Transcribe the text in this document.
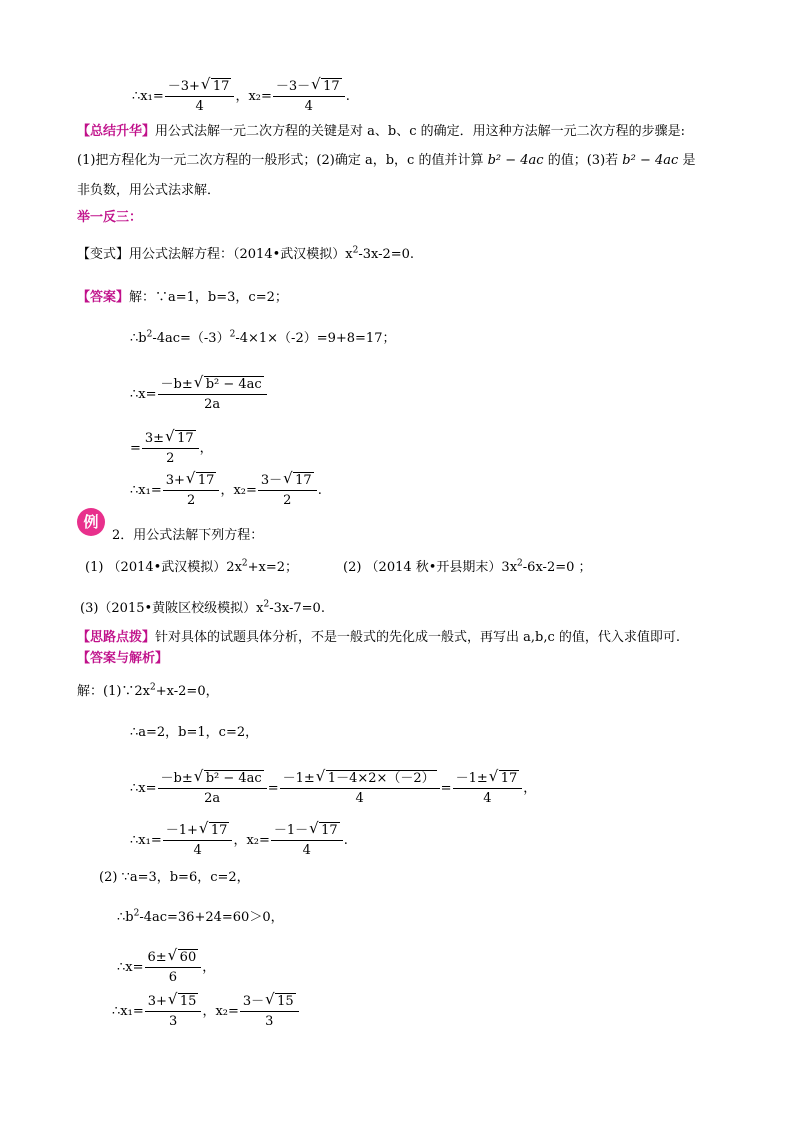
∴x₁= $\frac{-3+ √ 17}{4}$ ，$x_2= \frac{-3- √ 17}{4}$ .
【总结升华】用公式法解一元二次方程的关键是对 a、b、c 的确定．用这种方法解一元二次方程的步骤是:
(1)把方程化为一元二次方程的一般形式；(2)确定 a，b，c 的值并计算 b² − 4ac 的值；(3)若 b² − 4ac 是
非负数，用公式法求解．
举一反三：
【变式】用公式法解方程：（2014•武汉模拟）$x^2-3x-2=0$.
【答案】解：∵a=1，b=3，c=2；
$\therefore b^2-4ac=(-3)^2-4\times 1\times(-2)=9+8=17$；
∴x= $\frac{\text{－b± √ b² − 4ac}}{2a}$
= $\frac{3\pm √ 17}{2}$ ，
∴x₁= $\frac{3+ √ 17}{2}$ ，$x_2= \frac{3- √ 17}{2}$ .
例
2．用公式法解下列方程：
(1) （2014•武汉模拟）$2x^2+x=2$；	(2) （2014 秋•开县期末）$3x^2-6x-2=0$ ；
(3)（2015•黄陂区校级模拟）$x^2-3x-7=0$.
【思路点拨】针对具体的试题具体分析，不是一般式的先化成一般式，再写出 a,b,c 的值，代入求值即可.
【答案与解析】
解：$(1)\because 2x^2+x-2=0$，
∴a=2，b=1，c=2，
∴x= $\frac{\text{－b± √ b² − 4ac}}{2a} = \frac{-1\pm √ 1-4\times 2\times(-2)}{4} = \frac{-1\pm √ 17}{4}$ ，
∴x₁= $\frac{-1+ √ 17}{4}$ ，$x_2= \frac{-1- √ 17}{4}$ .
(2) ∵a=3，b=6，c=2，
$\therefore b^2-4ac=36+24=60>0$，
∴x= $\frac{6\pm √ 60}{6}$ ，
∴x₁= $\frac{3+ √ 15}{3}$ ，$x_2= \frac{3- √ 15}{3}$
